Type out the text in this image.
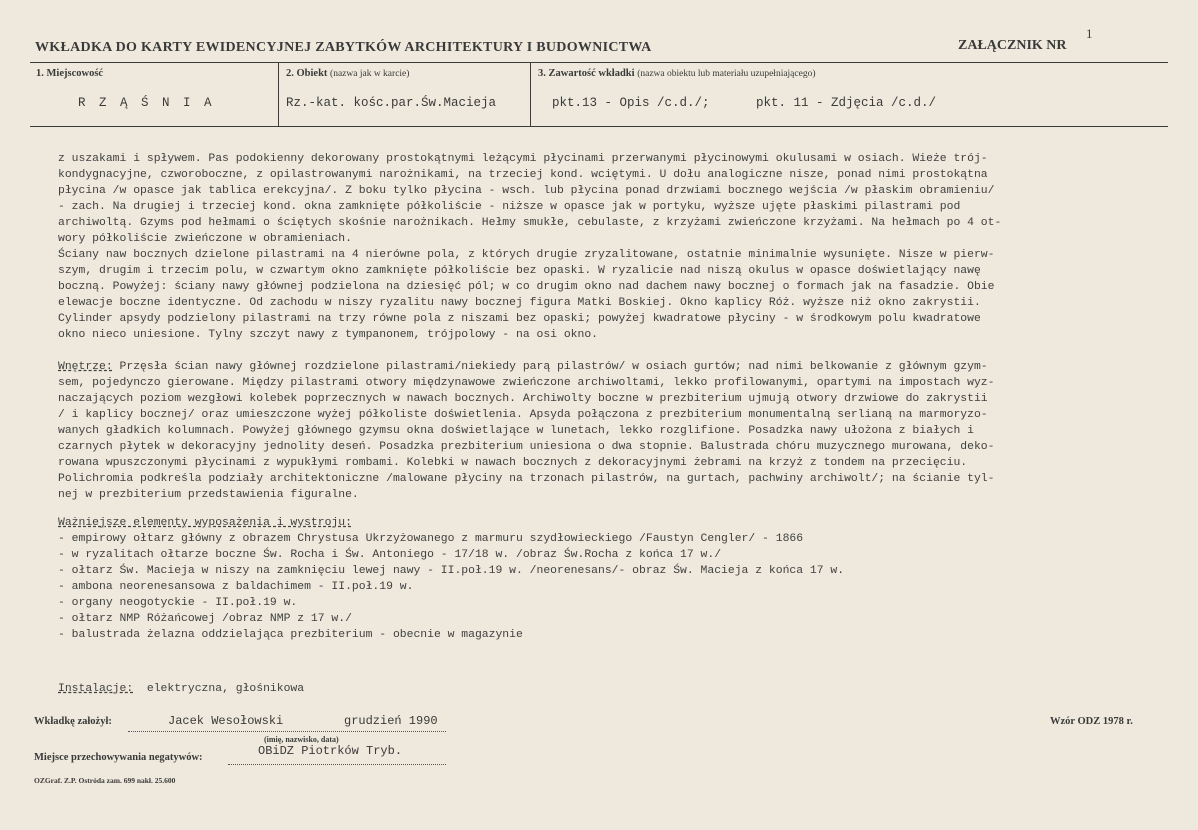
WKŁADKA DO KARTY EWIDENCYJNEJ ZABYTKÓW ARCHITEKTURY I BUDOWNICTWA	ZAŁĄCZNIK NR
1
1. Miejscowość
R Z Ą Ś N I A
2. Obiekt (nazwa jak w karcie)
Rz.-kat. kośc.par.Św.Macieja
3. Zawartość wkładki (nazwa obiektu lub materiału uzupełniającego)
pkt.13 - Opis /c.d./;	pkt. 11 - Zdjęcia /c.d./
z uszakami i spływem. Pas podokienny dekorowany prostokątnymi leżącymi płycinami przerwanymi płycinowymi okulusami w osiach. Wieże trój-
kondygnacyjne, czworoboczne, z opilastrowanymi narożnikami, na trzeciej kond. wciętymi. U dołu analogiczne nisze, ponad nimi prostokątna
płycina /w opasce jak tablica erekcyjna/. Z boku tylko płycina - wsch. lub płycina ponad drzwiami bocznego wejścia /w płaskim obramieniu/
- zach. Na drugiej i trzeciej kond. okna zamknięte półkoliście - niższe w opasce jak w portyku, wyższe ujęte płaskimi pilastrami pod
archiwoltą. Gzyms pod hełmami o ściętych skośnie narożnikach. Hełmy smukłe, cebulaste, z krzyżami zwieńczone krzyżami. Na hełmach po 4 ot-
wory półkoliście zwieńczone w obramieniach.
Ściany naw bocznych dzielone pilastrami na 4 nierówne pola, z których drugie zryzalitowane, ostatnie minimalnie wysunięte. Nisze w pierw-
szym, drugim i trzecim polu, w czwartym okno zamknięte półkoliście bez opaski. W ryzalicie nad niszą okulus w opasce doświetlający nawę
boczną. Powyżej: ściany nawy głównej podzielona na dziesięć pól; w co drugim okno nad dachem nawy bocznej o formach jak na fasadzie. Obie
elewacje boczne identyczne. Od zachodu w niszy ryzalitu nawy bocznej figura Matki Boskiej. Okno kaplicy Róż. wyższe niż okno zakrystii.
Cylinder apsydy podzielony pilastrami na trzy równe pola z niszami bez opaski; powyżej kwadratowe płyciny - w środkowym polu kwadratowe
okno nieco uniesione. Tylny szczyt nawy z tympanonem, trójpolowy - na osi okno.
Wnętrze: Przęsła ścian nawy głównej rozdzielone pilastrami/niekiedy parą pilastrów/ w osiach gurtów; nad nimi belkowanie z głównym gzym-
sem, pojedynczo gierowane. Między pilastrami otwory międzynawowe zwieńczone archiwoltami, lekko profilowanymi, opartymi na impostach wyz-
naczających poziom wezgłowi kolebek poprzecznych w nawach bocznych. Archiwolty boczne w prezbiterium ujmują otwory drzwiowe do zakrystii
/ i kaplicy bocznej/ oraz umieszczone wyżej półkoliste doświetlenia. Apsyda połączona z prezbiterium monumentalną serlianą na marmoryzo-
wanych gładkich kolumnach. Powyżej głównego gzymsu okna doświetlające w lunetach, lekko rozglifione. Posadzka nawy ułożona z białych i
czarnych płytek w dekoracyjny jednolity deseń. Posadzka prezbiterium uniesiona o dwa stopnie. Balustrada chóru muzycznego murowana, deko-
rowana wpuszczonymi płycinami z wypukłymi rombami. Kolebki w nawach bocznych z dekoracyjnymi żebrami na krzyż z tondem na przecięciu.
Polichromia podkreśla podziały architektoniczne /malowane płyciny na trzonach pilastrów, na gurtach, pachwiny archiwolt/; na ścianie tyl-
nej w prezbiterium przedstawienia figuralne.
Ważniejsze elementy wyposażenia i wystroju:
- empirowy ołtarz główny z obrazem Chrystusa Ukrzyżowanego z marmuru szydłowieckiego /Faustyn Cengler/ - 1866
- w ryzalitach ołtarze boczne Św. Rocha i Św. Antoniego - 17/18 w. /obraz Św.Rocha z końca 17 w./
- ołtarz Św. Macieja w niszy na zamknięciu lewej nawy - II.poł.19 w. /neorenesans/- obraz Św. Macieja z końca 17 w.
- ambona neorenesansowa z baldachimem - II.poł.19 w.
- organy neogotyckie - II.poł.19 w.
- ołtarz NMP Różańcowej /obraz NMP z 17 w./
- balustrada żelazna oddzielająca prezbiterium - obecnie w magazynie
Instalacje: elektryczna, głośnikowa
Wkładkę założył:	Jacek Wesołowski	grudzień 1990
(imię, nazwisko, data)
Wzór ODZ 1978 r.
Miejsce przechowywania negatywów:	OBiDZ Piotrków Tryb.
OZGraf. Z.P. Ostróda zam. 699 nakł. 25.600
